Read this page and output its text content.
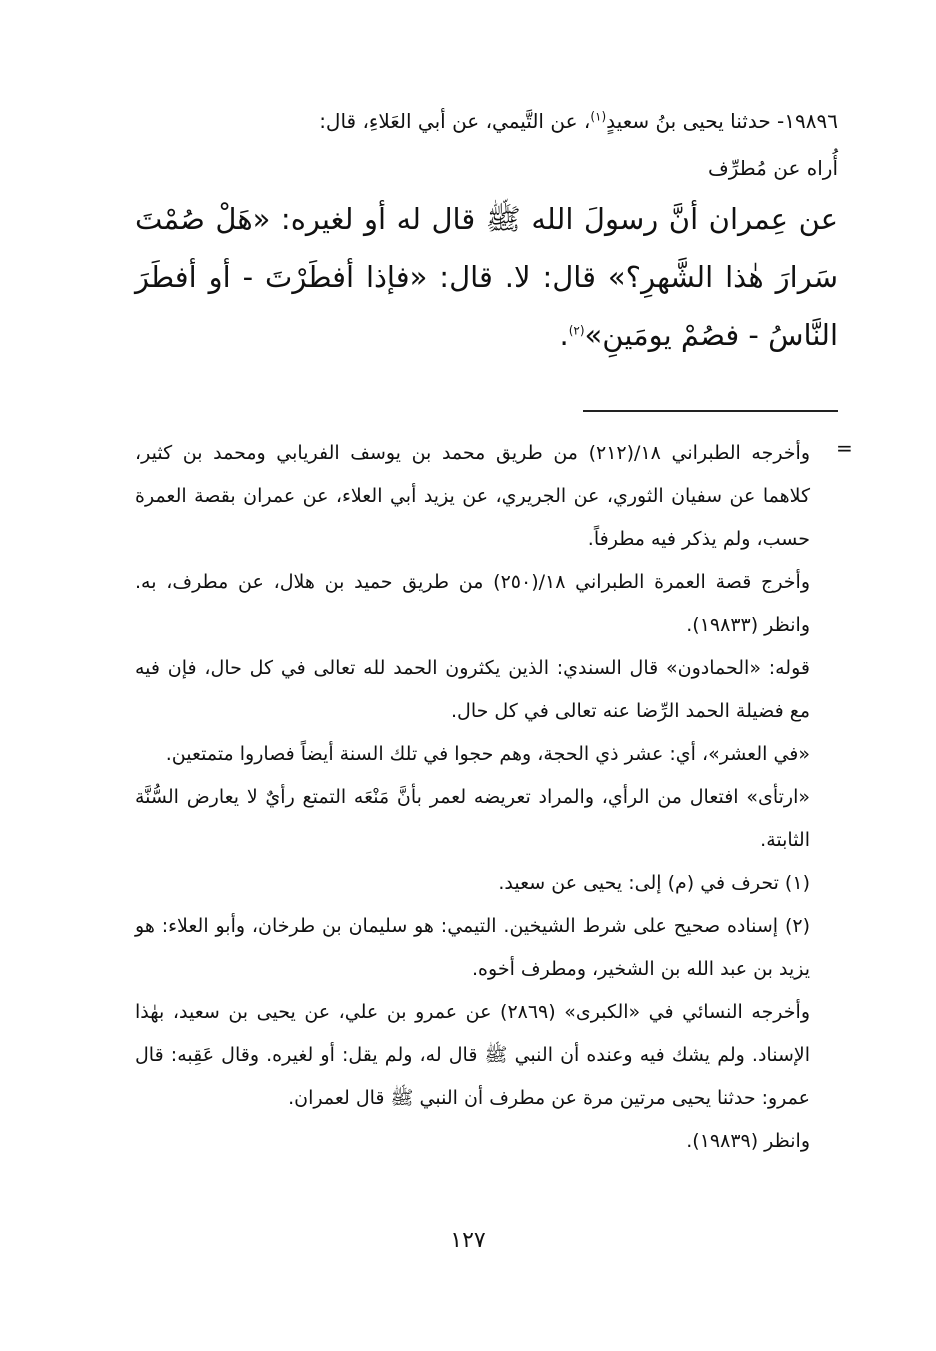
١٩٨٩٦- حدثنا يحيى بنُ سعيدٍ$^{(١)}$، عن التَّيمي، عن أبي العَلاءِ، قال:
أُراه عن مُطرِّف
عن عِمران أنَّ رسولَ الله ﷺ قال له أو لغيره: «هَلْ صُمْتَ سَرارَ هٰذا الشَّهرِ؟» قال: لا. قال: «فإذا أفطَرْتَ - أو أفطَرَ النَّاسُ - فصُمْ يومَينِ»$^{(٢)}$.
=

وأخرجه الطبراني ١٨/(٢١٢) من طريق محمد بن يوسف الفريابي ومحمد بن كثير، كلاهما عن سفيان الثوري، عن الجريري، عن يزيد أبي العلاء، عن عمران بقصة العمرة حسب، ولم يذكر فيه مطرفاً.

وأخرج قصة العمرة الطبراني ١٨/(٢٥٠) من طريق حميد بن هلال، عن مطرف، به. وانظر (١٩٨٣٣).

قوله: «الحمادون» قال السندي: الذين يكثرون الحمد لله تعالى في كل حال، فإن فيه مع فضيلة الحمد الرِّضا عنه تعالى في كل حال.

«في العشر»، أي: عشر ذي الحجة، وهم حجوا في تلك السنة أيضاً فصاروا متمتعين.

«ارتأى» افتعال من الرأي، والمراد تعريضه لعمر بأنَّ مَنْعَه التمتع رأيٌ لا يعارض السُّنَّة الثابتة.

(١) تحرف في (م) إلى: يحيى عن سعيد.

(٢) إسناده صحيح على شرط الشيخين. التيمي: هو سليمان بن طرخان، وأبو العلاء: هو يزيد بن عبد الله بن الشخير، ومطرف أخوه.

وأخرجه النسائي في «الكبرى» (٢٨٦٩) عن عمرو بن علي، عن يحيى بن سعيد، بهٰذا الإسناد. ولم يشك فيه وعنده أن النبي ﷺ قال له، ولم يقل: أو لغيره. وقال عَقِبه: قال عمرو: حدثنا يحيى مرتين مرة عن مطرف أن النبي ﷺ قال لعمران.

وانظر (١٩٨٣٩).

١٢٧
